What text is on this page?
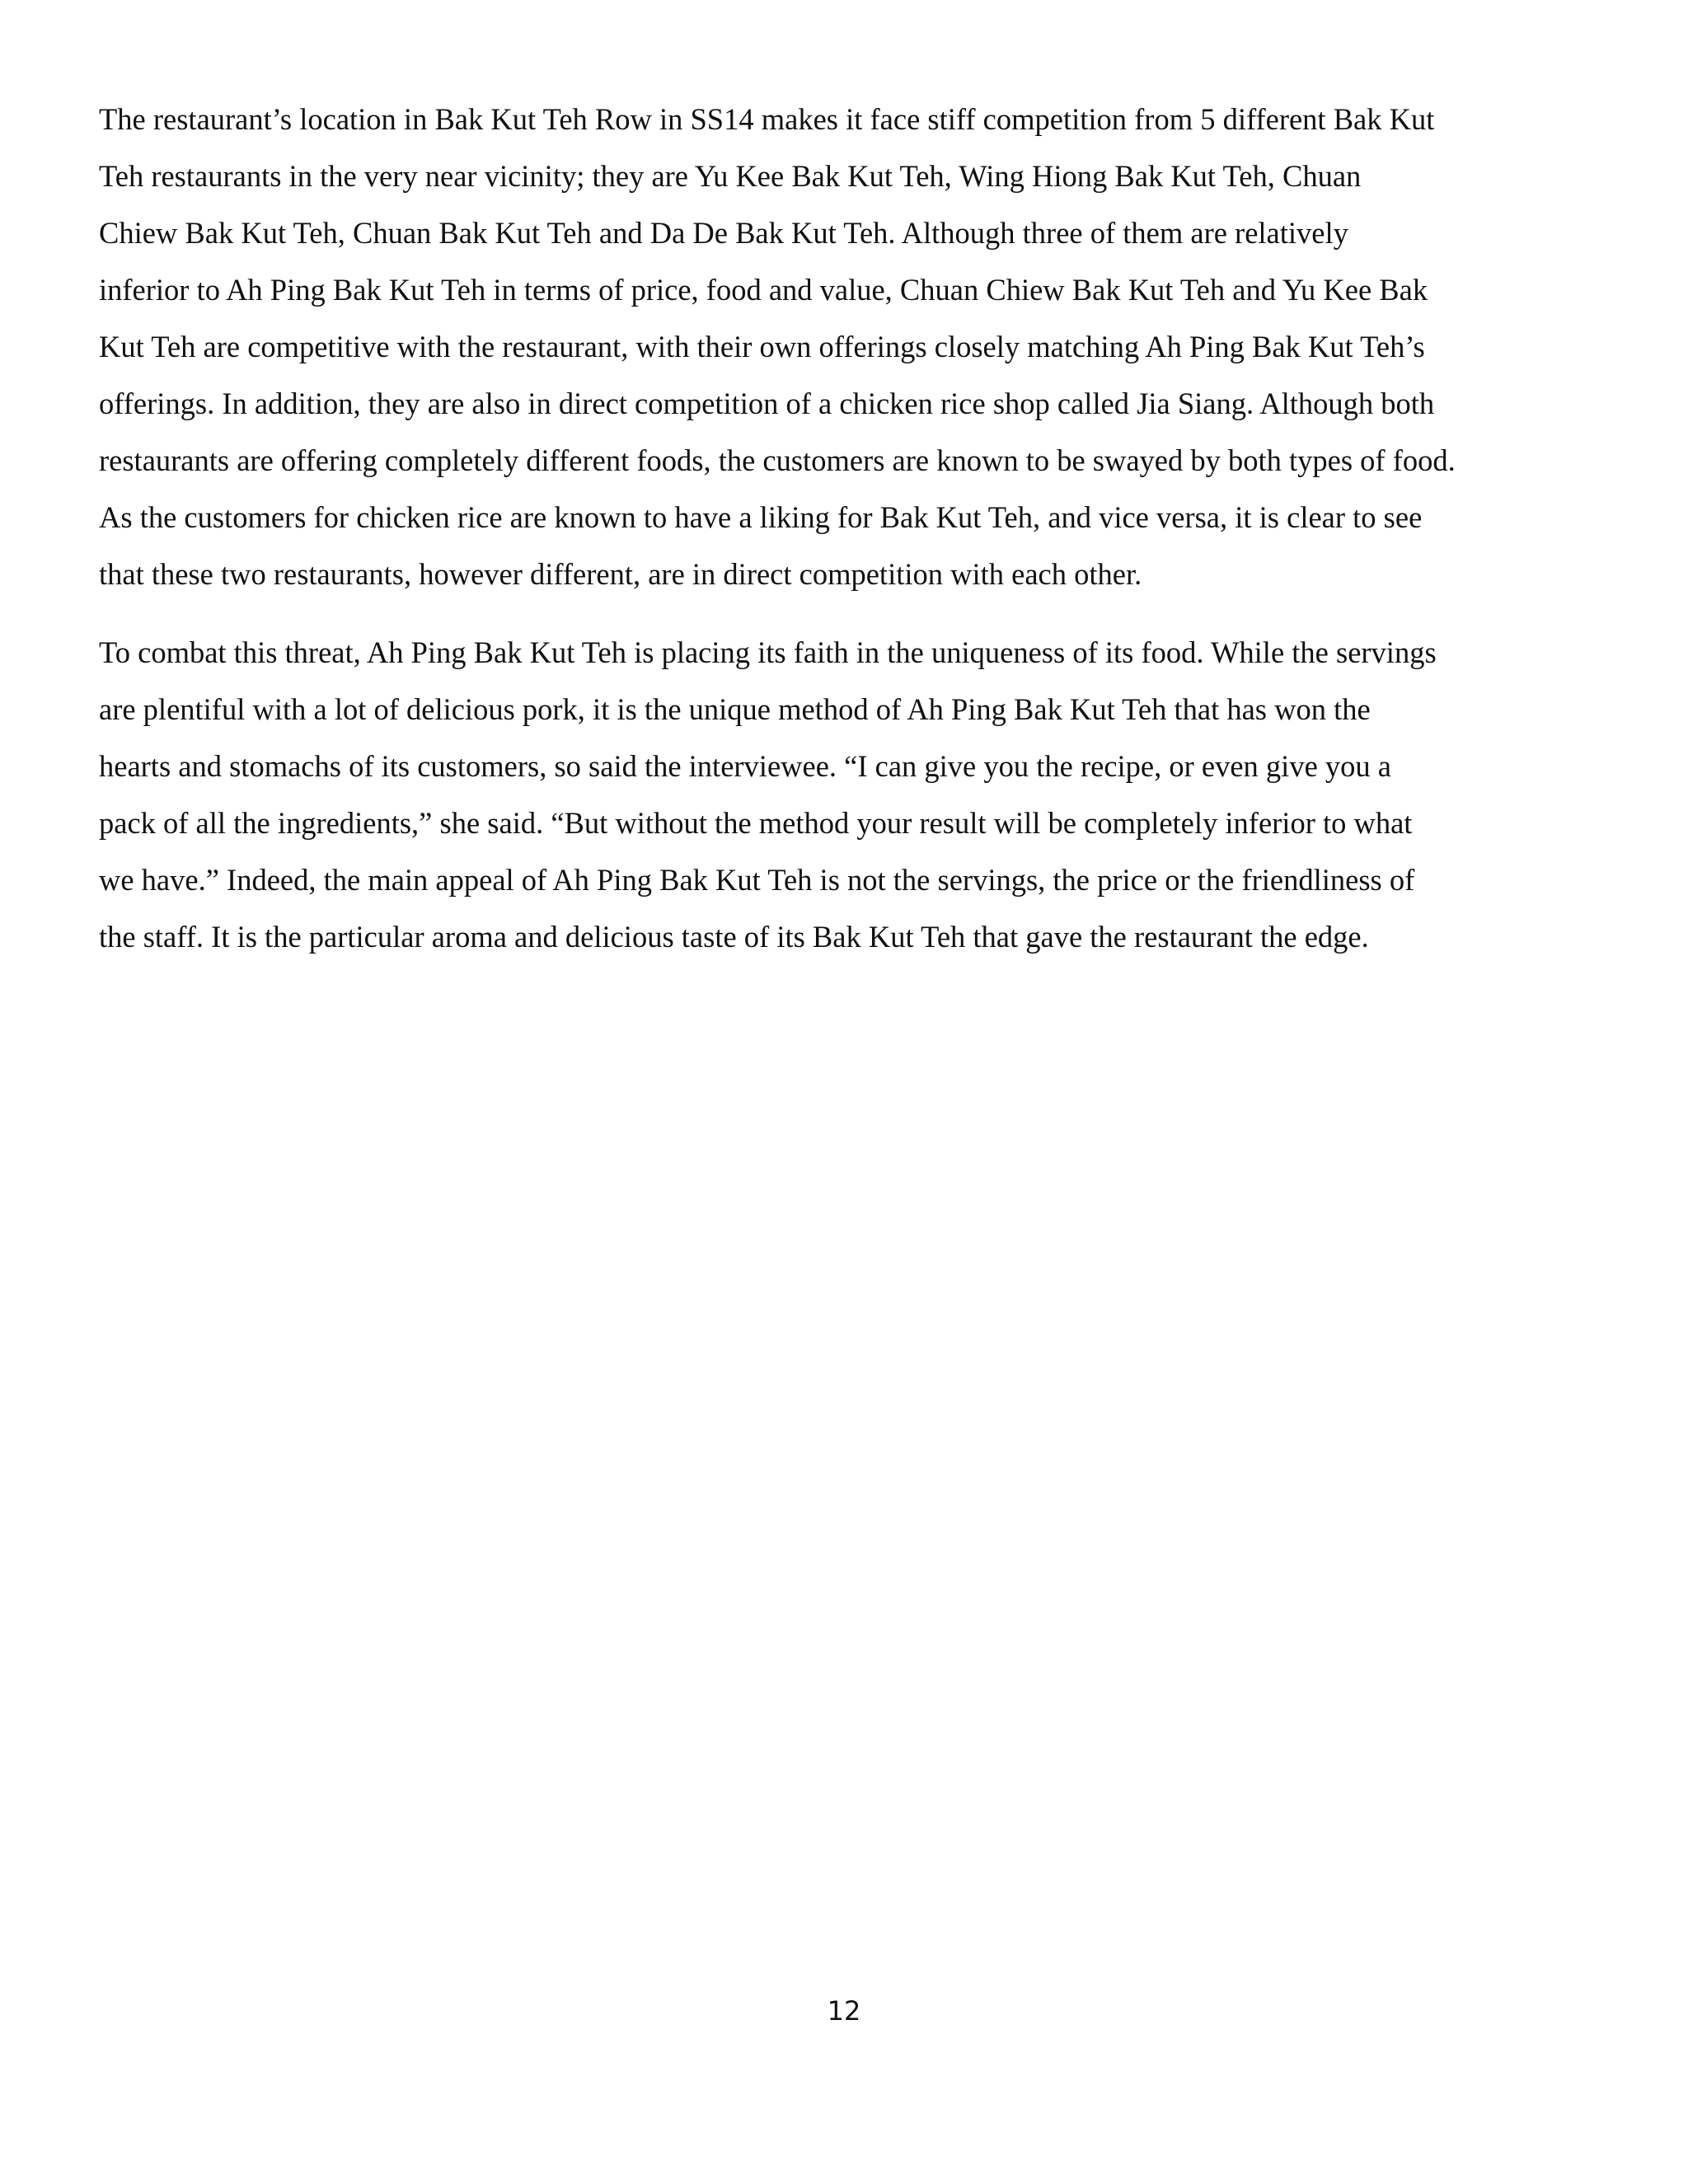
The restaurant’s location in Bak Kut Teh Row in SS14 makes it face stiff competition from 5 different Bak Kut
Teh restaurants in the very near vicinity; they are Yu Kee Bak Kut Teh, Wing Hiong Bak Kut Teh, Chuan
Chiew Bak Kut Teh, Chuan Bak Kut Teh and Da De Bak Kut Teh. Although three of them are relatively
inferior to Ah Ping Bak Kut Teh in terms of price, food and value, Chuan Chiew Bak Kut Teh and Yu Kee Bak
Kut Teh are competitive with the restaurant, with their own offerings closely matching Ah Ping Bak Kut Teh’s
offerings. In addition, they are also in direct competition of a chicken rice shop called Jia Siang. Although both
restaurants are offering completely different foods, the customers are known to be swayed by both types of food.
As the customers for chicken rice are known to have a liking for Bak Kut Teh, and vice versa, it is clear to see
that these two restaurants, however different, are in direct competition with each other.

To combat this threat, Ah Ping Bak Kut Teh is placing its faith in the uniqueness of its food. While the servings
are plentiful with a lot of delicious pork, it is the unique method of Ah Ping Bak Kut Teh that has won the
hearts and stomachs of its customers, so said the interviewee. “I can give you the recipe, or even give you a
pack of all the ingredients,” she said. “But without the method your result will be completely inferior to what
we have.” Indeed, the main appeal of Ah Ping Bak Kut Teh is not the servings, the price or the friendliness of
the staff. It is the particular aroma and delicious taste of its Bak Kut Teh that gave the restaurant the edge.

12
